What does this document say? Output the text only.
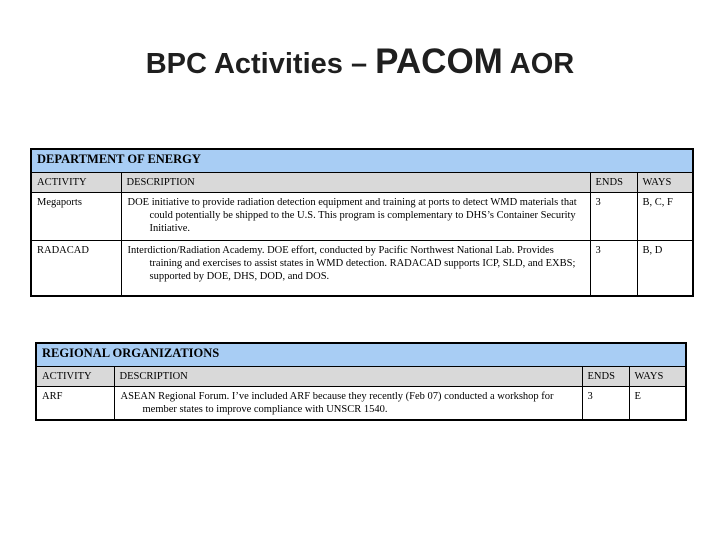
BPC Activities – PACOM AOR
DEPARTMENT OF ENERGY			
ACTIVITY	DESCRIPTION	ENDS	WAYS
Megaports	DOE initiative to provide radiation detection equipment and training at ports to detect WMD materials that could potentially be shipped to the U.S. This program is complementary to DHS’s Container Security Initiative.	3	B, C, F
RADACAD	Interdiction/Radiation Academy. DOE effort, conducted by Pacific Northwest National Lab. Provides training and exercises to assist states in WMD detection. RADACAD supports ICP, SLD, and EXBS; supported by DOE, DHS, DOD, and DOS.	3	B, D
REGIONAL ORGANIZATIONS			
ACTIVITY	DESCRIPTION	ENDS	WAYS
ARF	ASEAN Regional Forum. I’ve included ARF because they recently (Feb 07) conducted a workshop for member states to improve compliance with UNSCR 1540.	3	E
